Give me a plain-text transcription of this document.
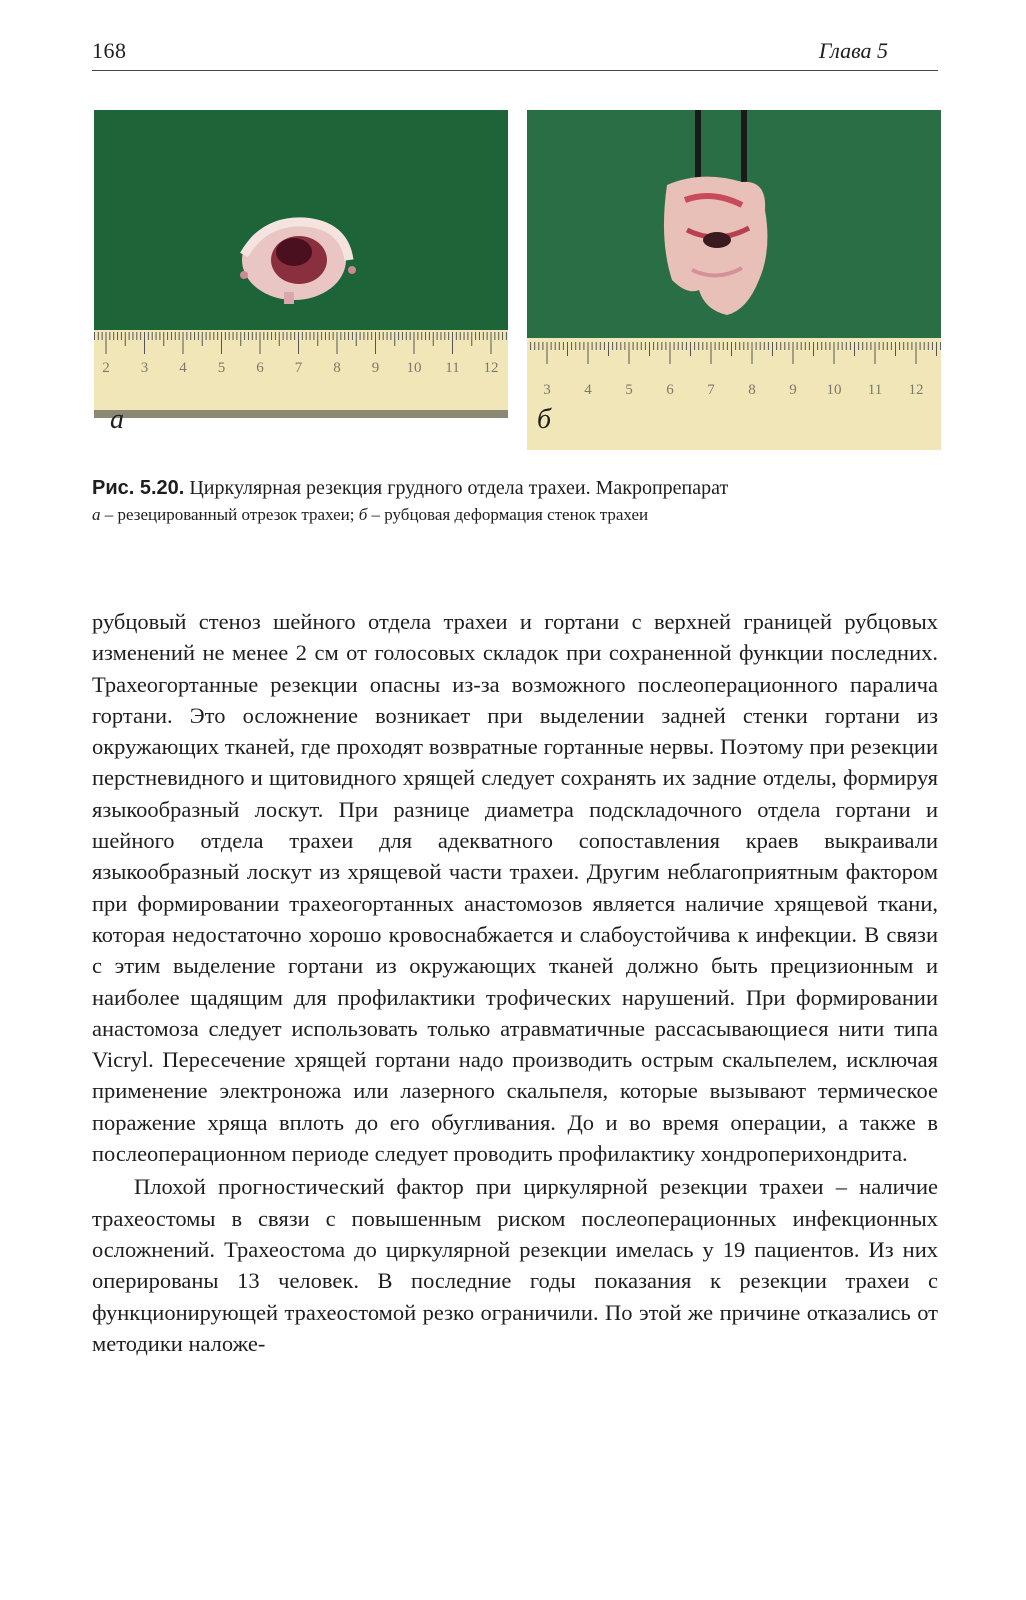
168	Глава 5
2 3 4 5 6 7 8 9 10 11 12
а
3 4 5 6 7 8 9 10 11 12
б
Рис. 5.20. Циркулярная резекция грудного отдела трахеи. Макропрепарат
а – резецированный отрезок трахеи; б – рубцовая деформация стенок трахеи

рубцовый стеноз шейного отдела трахеи и гортани с верхней границей рубцовых изменений не менее 2 см от голосовых складок при сохраненной функции последних. Трахеогортанные резекции опасны из-за возможного послеоперационного паралича гортани. Это осложнение возникает при выделении задней стенки гортани из окружающих тканей, где проходят возвратные гортанные нервы. Поэтому при резекции перстневидного и щитовидного хрящей следует сохранять их задние отделы, формируя языкообразный лоскут. При разнице диаметра подскладочного отдела гортани и шейного отдела трахеи для адекватного сопоставления краев выкраивали языкообразный лоскут из хрящевой части трахеи. Другим неблагоприятным фактором при формировании трахеогортанных анастомозов является наличие хрящевой ткани, которая недостаточно хорошо кровоснабжается и слабоустойчива к инфекции. В связи с этим выделение гортани из окружающих тканей должно быть прецизионным и наиболее щадящим для профилактики трофических нарушений. При формировании анастомоза следует использовать только атравматичные рассасывающиеся нити типа Vicryl. Пересечение хрящей гортани надо производить острым скальпелем, исключая применение электроножа или лазерного скальпеля, которые вызывают термическое поражение хряща вплоть до его обугливания. До и во время операции, а также в послеоперационном периоде следует проводить профилактику хондроперихондрита.

Плохой прогностический фактор при циркулярной резекции трахеи – наличие трахеостомы в связи с повышенным риском послеоперационных инфекционных осложнений. Трахеостома до циркулярной резекции имелась у 19 пациентов. Из них оперированы 13 человек. В последние годы показания к резекции трахеи с функционирующей трахеостомой резко ограничили. По этой же причине отказались от методики наложе-
